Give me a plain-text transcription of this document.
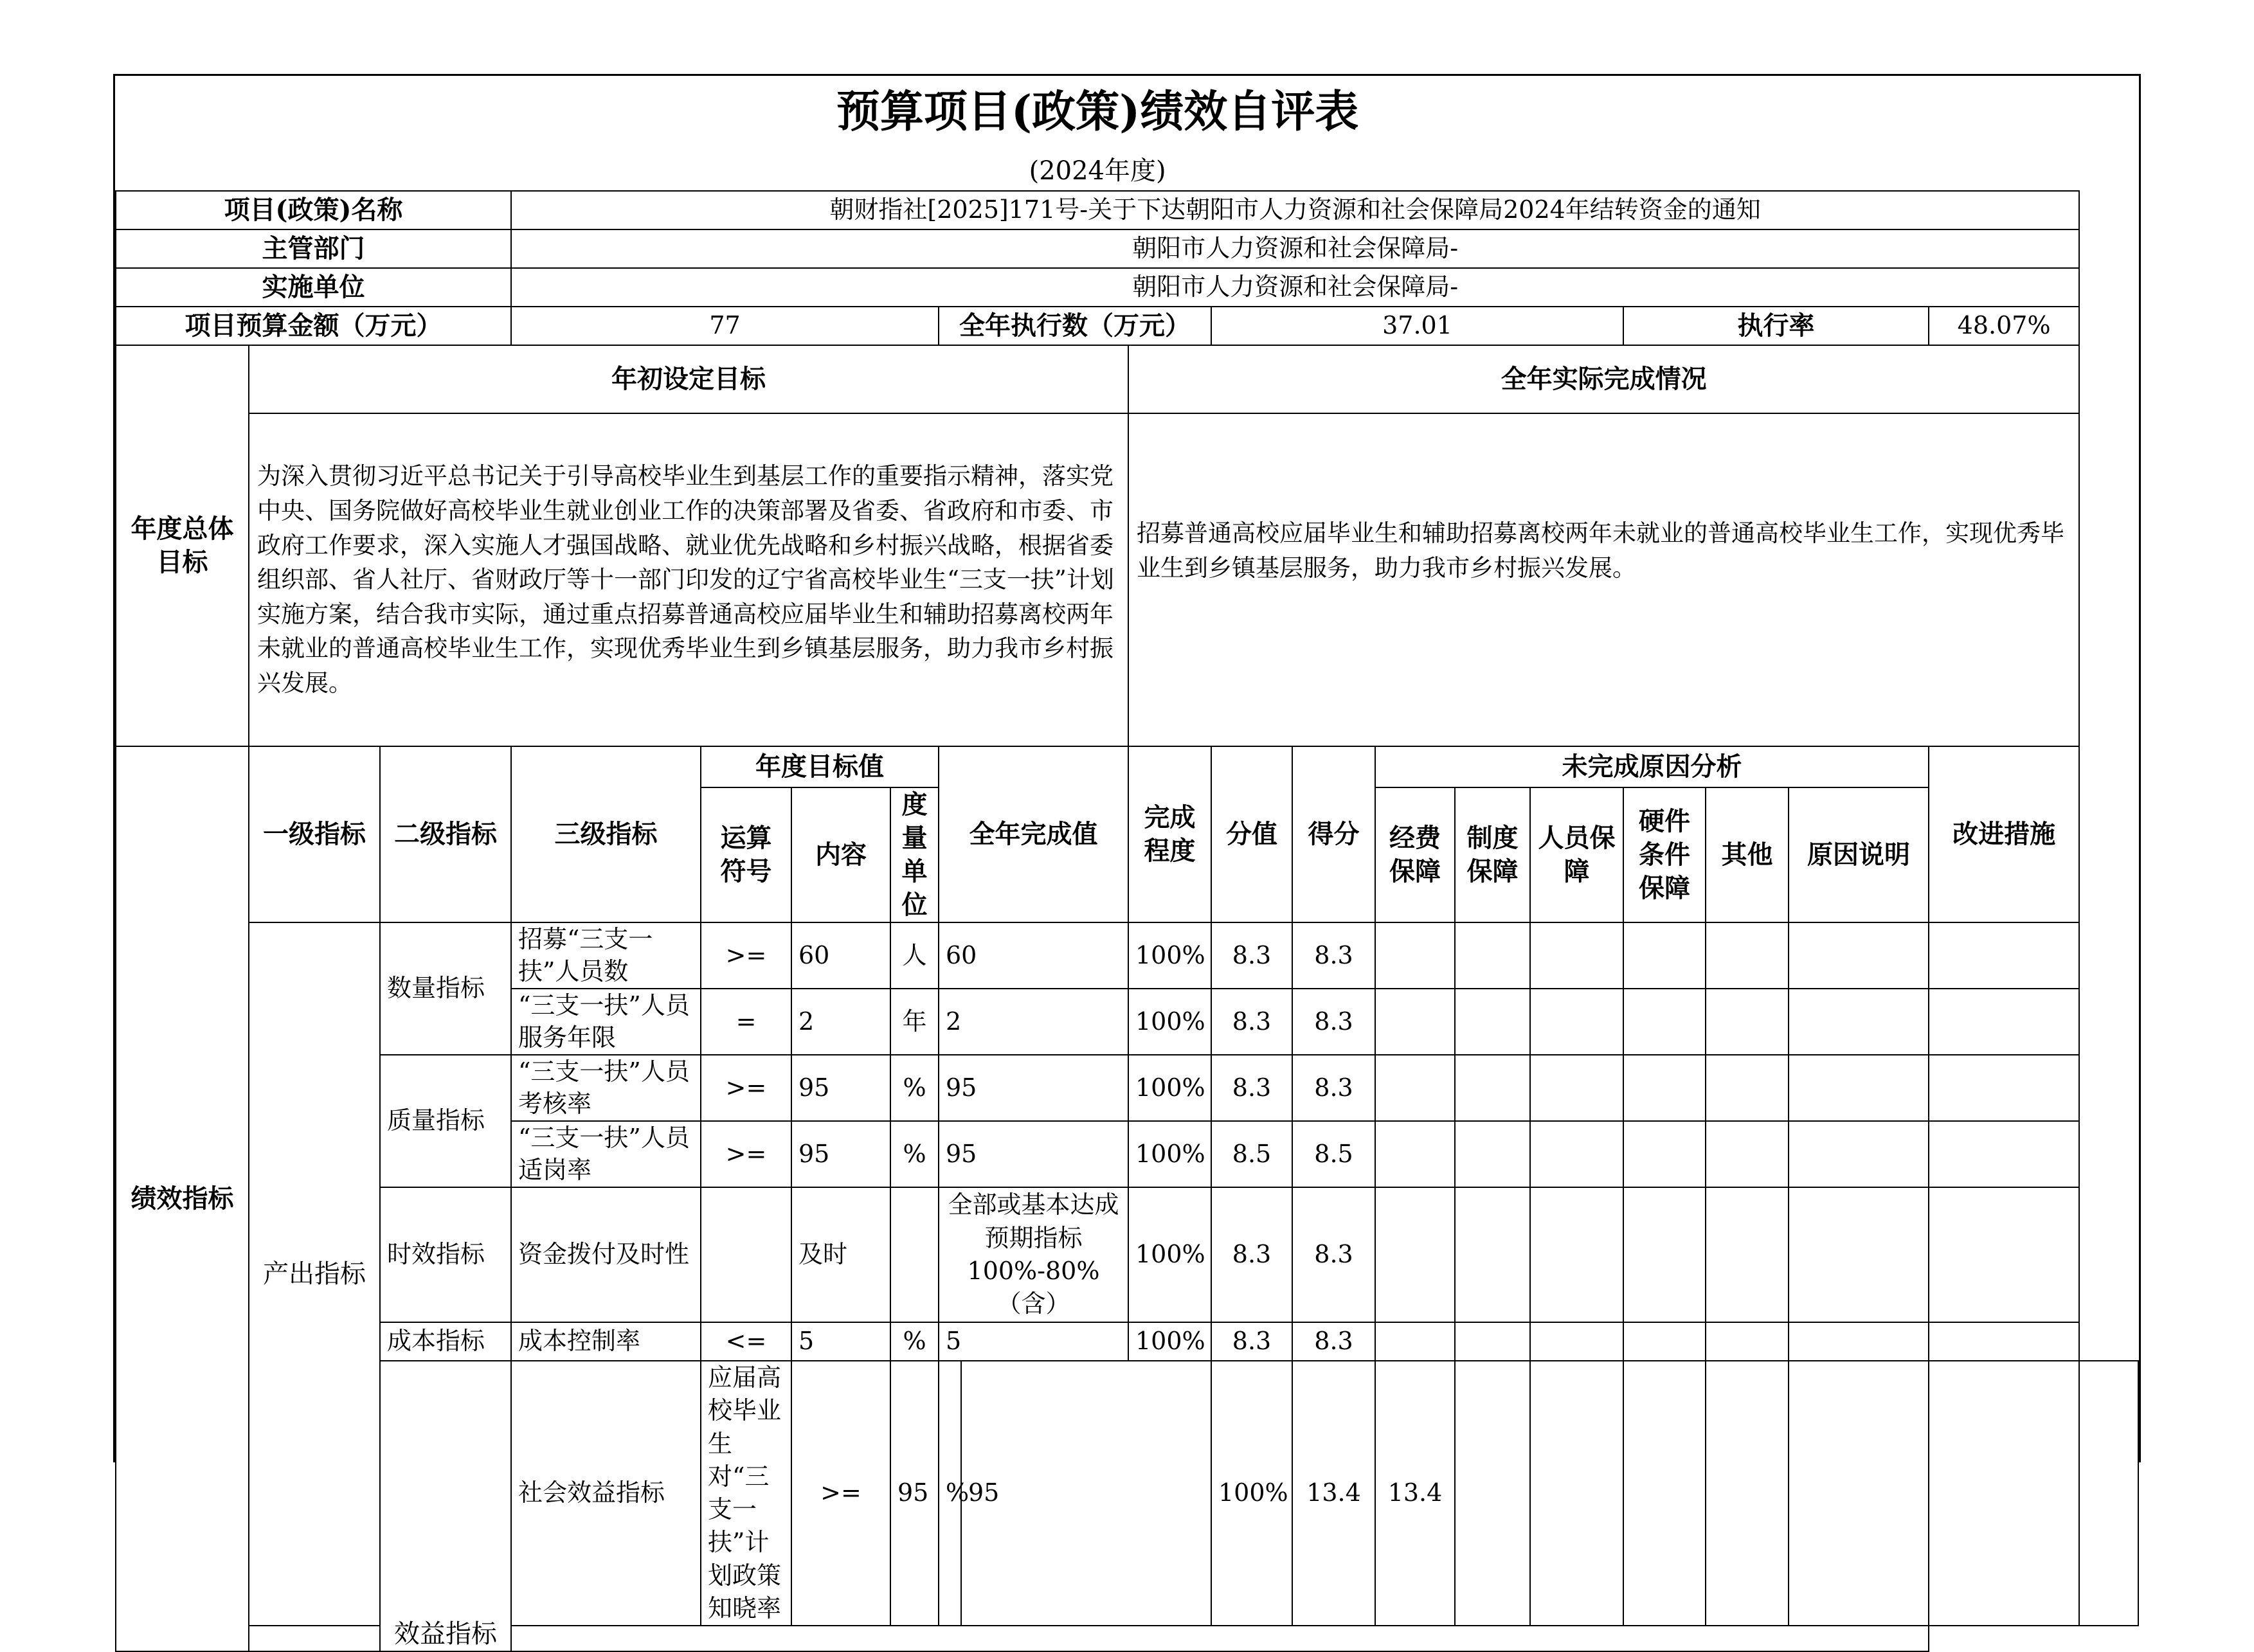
预算项目(政策)绩效自评表																			
(2024年度)																			
项目(政策)名称			朝财指社[2025]171号-关于下达朝阳市人力资源和社会保障局2024年结转资金的通知																
主管部门			朝阳市人力资源和社会保障局-																
实施单位			朝阳市人力资源和社会保障局-																
项目预算金额（万元）			77				全年执行数（万元）			37.01					执行率			48.07%	
年度总体目标	年初设定目标								全年实际完成情况										
	为深入贯彻习近平总书记关于引导高校毕业生到基层工作的重要指示精神，落实党中央、国务院做好高校毕业生就业创业工作的决策部署及省委、省政府和市委、市政府工作要求，深入实施人才强国战略、就业优先战略和乡村振兴战略，根据省委组织部、省人社厅、省财政厅等十一部门印发的辽宁省高校毕业生“三支一扶”计划实施方案，结合我市实际，通过重点招募普通高校应届毕业生和辅助招募离校两年未就业的普通高校毕业生工作，实现优秀毕业生到乡镇基层服务，助力我市乡村振兴发展。								招募普通高校应届毕业生和辅助招募离校两年未就业的普通高校毕业生工作，实现优秀毕业生到乡镇基层服务，助力我市乡村振兴发展。										
绩效指标	一级指标	二级指标	三级指标	年度目标值			全年完成值		完成程度	分值	得分	未完成原因分析						改进措施	
				运算符号	内容	度量单位						经费保障	制度保障	人员保障	硬件条件保障	其他	原因说明		
	产出指标	数量指标	招募“三支一扶”人员数	>=	60	人	60		100%	8.3	8.3								
			“三支一扶”人员服务年限	=	2	年	2		100%	8.3	8.3								
		质量指标	“三支一扶”人员考核率	>=	95	%	95		100%	8.3	8.3								
			“三支一扶”人员适岗率	>=	95	%	95		100%	8.5	8.5								
		时效指标	资金拨付及时性		及时		全部或基本达成预期指标100%-80%（含）		100%	8.3	8.3								
		成本指标	成本控制率	<=	5	%	5		100%	8.3	8.3								
		效益指标	社会效益指标	应届高校毕业生对“三支一扶”计划政策知晓率	>=	95	%	95		100%	13.4	13.4							
